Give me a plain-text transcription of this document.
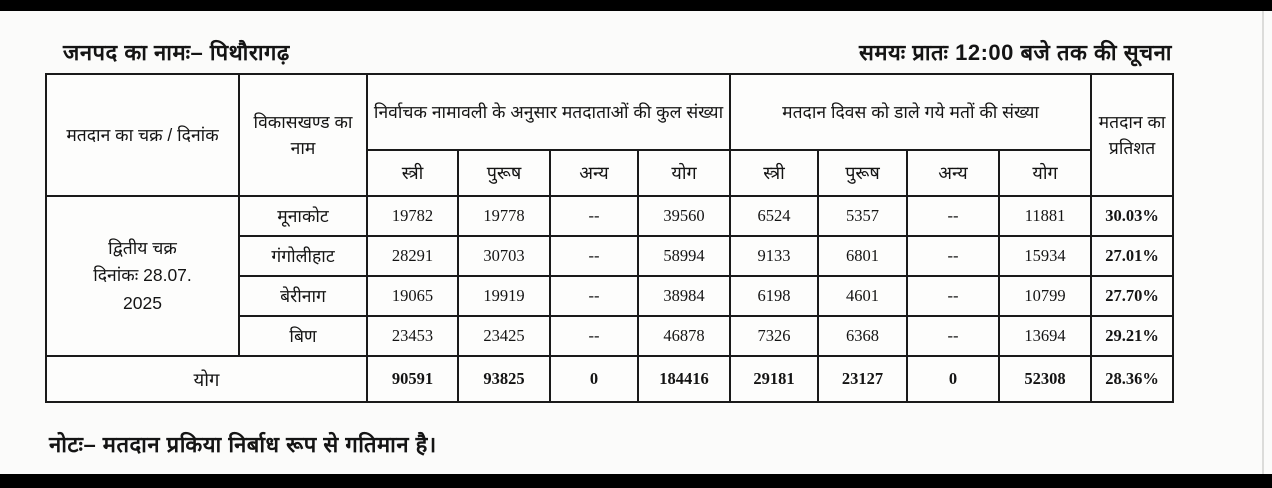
जनपद का नामः– पिथौरागढ़	समयः प्रातः 12:00 बजे तक की सूचना
मतदान का चक्र / दिनांक	विकासखण्ड का नाम	निर्वाचक नामावली के अनुसार मतदाताओं की कुल संख्या				मतदान दिवस को डाले गये मतों की संख्या				मतदान का प्रतिशत
		स्त्री	पुरूष	अन्य	योग	स्त्री	पुरूष	अन्य	योग	

द्वितीय चक्र
दिनांकः 28.07.
2025	मूनाकोट	19782	19778	--	39560	6524	5357	--	11881	30.03%
	गंगोलीहाट	28291	30703	--	58994	9133	6801	--	15934	27.01%
	बेरीनाग	19065	19919	--	38984	6198	4601	--	10799	27.70%
	बिण	23453	23425	--	46878	7326	6368	--	13694	29.21%
योग		90591	93825	0	184416	29181	23127	0	52308	28.36%
नोटः– मतदान प्रकिया निर्बाध रूप से गतिमान है।
